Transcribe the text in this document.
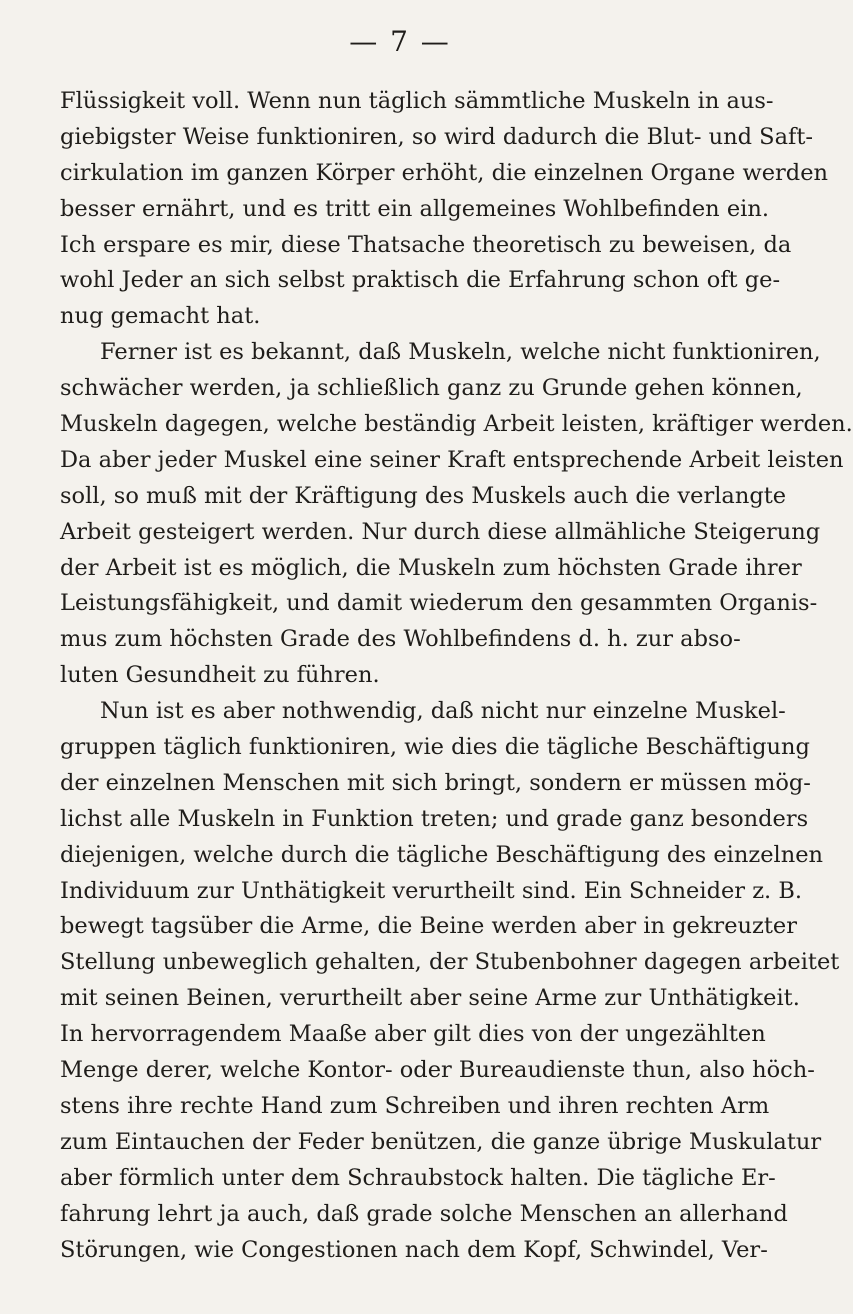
— 7 —
Flüssigkeit voll. Wenn nun täglich sämmtliche Muskeln in aus-
giebigster Weise funktioniren, so wird dadurch die Blut- und Saft-
cirkulation im ganzen Körper erhöht, die einzelnen Organe werden
besser ernährt, und es tritt ein allgemeines Wohlbefinden ein.
Ich erspare es mir, diese Thatsache theoretisch zu beweisen, da
wohl Jeder an sich selbst praktisch die Erfahrung schon oft ge-
nug gemacht hat.
Ferner ist es bekannt, daß Muskeln, welche nicht funktioniren,
schwächer werden, ja schließlich ganz zu Grunde gehen können,
Muskeln dagegen, welche beständig Arbeit leisten, kräftiger werden.
Da aber jeder Muskel eine seiner Kraft entsprechende Arbeit leisten
soll, so muß mit der Kräftigung des Muskels auch die verlangte
Arbeit gesteigert werden. Nur durch diese allmähliche Steigerung
der Arbeit ist es möglich, die Muskeln zum höchsten Grade ihrer
Leistungsfähigkeit, und damit wiederum den gesammten Organis-
mus zum höchsten Grade des Wohlbefindens d. h. zur abso-
luten Gesundheit zu führen.
Nun ist es aber nothwendig, daß nicht nur einzelne Muskel-
gruppen täglich funktioniren, wie dies die tägliche Beschäftigung
der einzelnen Menschen mit sich bringt, sondern er müssen mög-
lichst alle Muskeln in Funktion treten; und grade ganz besonders
diejenigen, welche durch die tägliche Beschäftigung des einzelnen
Individuum zur Unthätigkeit verurtheilt sind. Ein Schneider z. B.
bewegt tagsüber die Arme, die Beine werden aber in gekreuzter
Stellung unbeweglich gehalten, der Stubenbohner dagegen arbeitet
mit seinen Beinen, verurtheilt aber seine Arme zur Unthätigkeit.
In hervorragendem Maaße aber gilt dies von der ungezählten
Menge derer, welche Kontor- oder Bureaudienste thun, also höch-
stens ihre rechte Hand zum Schreiben und ihren rechten Arm
zum Eintauchen der Feder benützen, die ganze übrige Muskulatur
aber förmlich unter dem Schraubstock halten. Die tägliche Er-
fahrung lehrt ja auch, daß grade solche Menschen an allerhand
Störungen, wie Congestionen nach dem Kopf, Schwindel, Ver-
